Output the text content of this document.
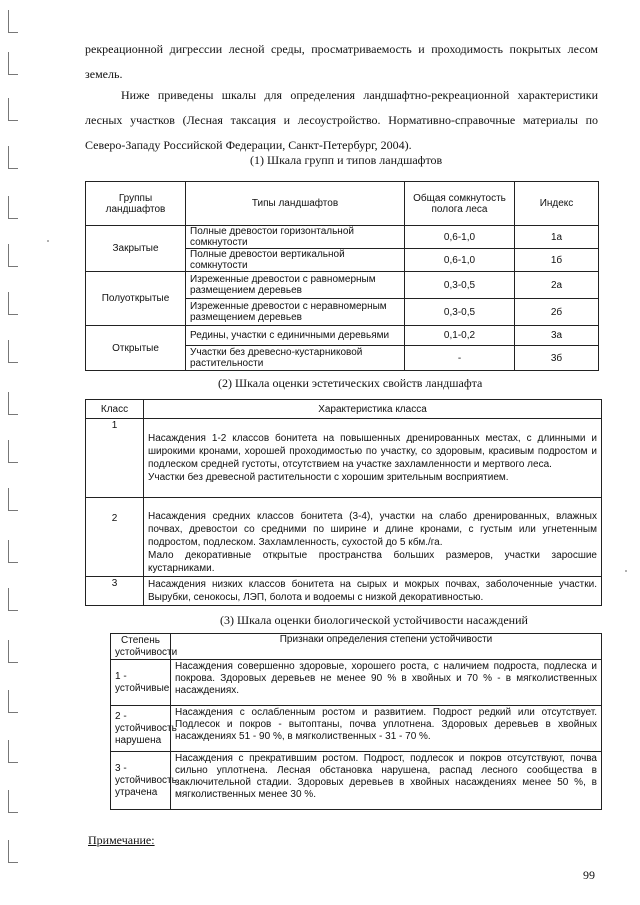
рекреационной дигрессии лесной среды, просматриваемость и проходимость покрытых лесом земель.
Ниже приведены шкалы для определения ландшафтно-рекреационной характеристики лесных участков (Лесная таксация и лесоустройство. Нормативно-справочные материалы по Северо-Западу Российской Федерации, Санкт-Петербург, 2004).
(1) Шкала групп и типов ландшафтов
Группы ландшафтов	Типы ландшафтов	Общая сомкнутость полога леса	Индекс
Закрытые	Полные древостои горизонтальной сомкнутости	0,6-1,0	1а
	Полные древостои вертикальной сомкнутости	0,6-1,0	1б
Полуоткрытые	Изреженные древостои с равномерным размещением деревьев	0,3-0,5	2а
	Изреженные древостои с неравномерным размещением деревьев	0,3-0,5	2б
Открытые	Редины, участки с единичными деревьями	0,1-0,2	3а
	Участки без древесно-кустарниковой растительности	-	3б
(2) Шкала оценки эстетических свойств ландшафта
Класс	Характеристика класса
1	Насаждения 1-2 классов бонитета на повышенных дренированных местах, с длинными и широкими кронами, хорошей проходимостью по участку, со здоровым, красивым подростом и подлеском средней густоты, отсутствием на участке захламленности и мертвого леса.
Участки без древесной растительности с хорошим зрительным восприятием.

2	Насаждения средних классов бонитета (3-4), участки на слабо дренированных, влажных почвах, древостои со средними по ширине и длине кронами, с густым или угнетенным подростом, подлеском. Захламленность, сухостой до 5 кбм./га.
Мало декоративные открытые пространства больших размеров, участки заросшие кустарниками.

3	Насаждения низких классов бонитета на сырых и мокрых почвах, заболоченные участки. Вырубки, сенокосы, ЛЭП, болота и водоемы с низкой декоративностью.
(3) Шкала оценки биологической устойчивости насаждений
Степень устойчивости	Признаки определения степени устойчивости
1 - устойчивые	Насаждения совершенно здоровые, хорошего роста, с наличием подроста, подлеска и покрова. Здоровых деревьев не менее 90 % в хвойных и 70 % - в мягколиственных насаждениях.
2 - устойчивость нарушена	Насаждения с ослабленным ростом и развитием. Подрост редкий или отсутствует. Подлесок и покров - вытоптаны, почва уплотнена. Здоровых деревьев в хвойных насаждениях 51 - 90 %, в мягколиственных - 31 - 70 %.
3 - устойчивость утрачена	Насаждения с прекратившим ростом. Подрост, подлесок и покров отсутствуют, почва сильно уплотнена. Лесная обстановка нарушена, распад лесного сообщества в заключительной стадии. Здоровых деревьев в хвойных насаждениях менее 50 %, в мягколиственных менее 30 %.
Примечание:
99
